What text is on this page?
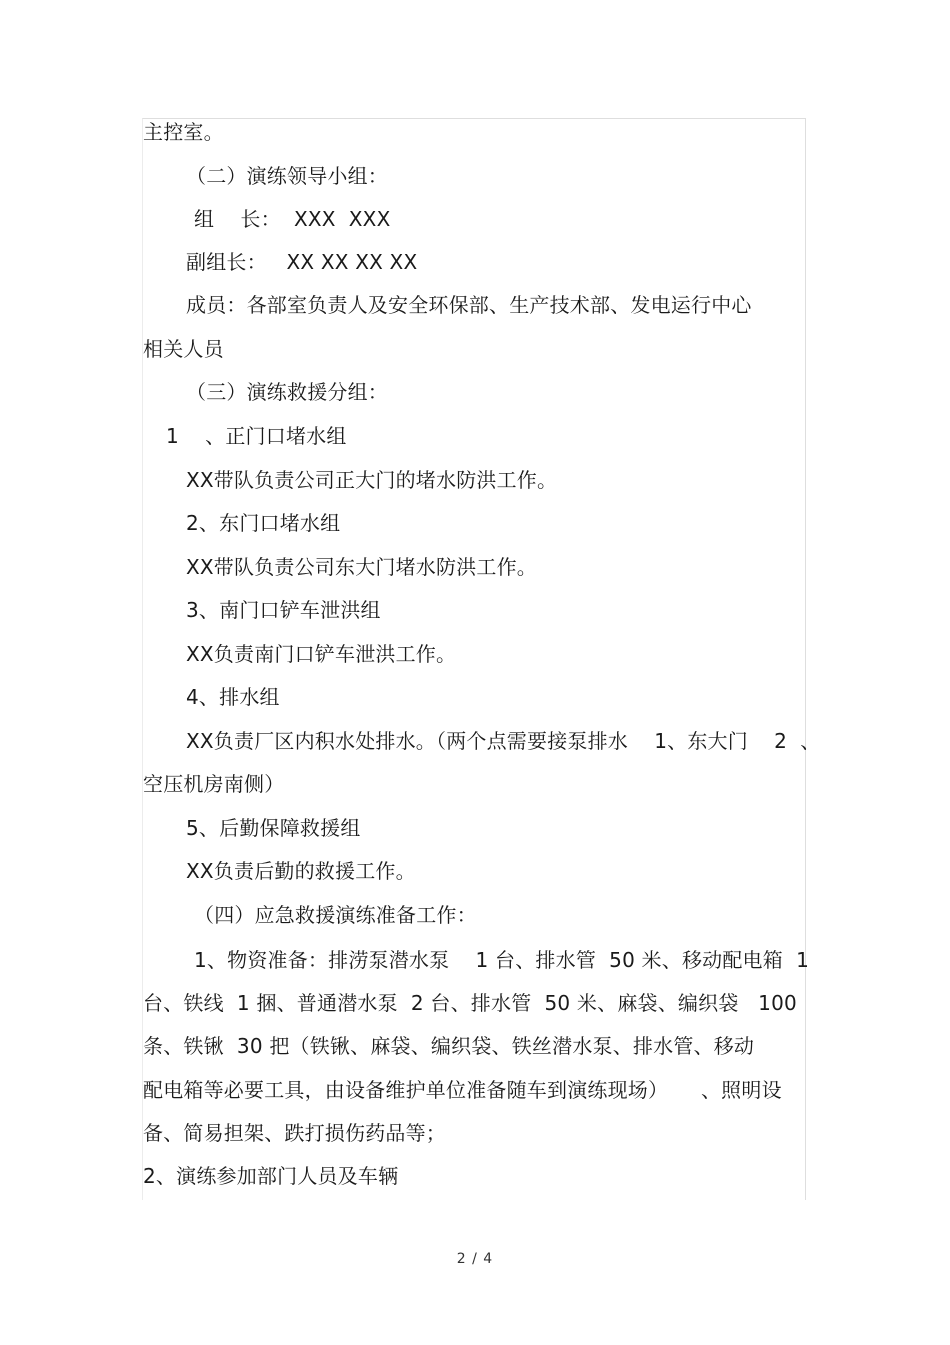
主控室。
（二）演练领导小组：
组    长：  XXX  XXX
副组长：   XX XX XX XX
成员：各部室负责人及安全环保部、生产技术部、发电运行中心
相关人员
（三）演练救援分组：
1    、正门口堵水组
XX带队负责公司正大门的堵水防洪工作。
2、东门口堵水组
XX带队负责公司东大门堵水防洪工作。
3、南门口铲车泄洪组
XX负责南门口铲车泄洪工作。
4、排水组
XX负责厂区内积水处排水。（两个点需要接泵排水    1、东大门    2  、
空压机房南侧）
5、后勤保障救援组
XX负责后勤的救援工作。
（四）应急救援演练准备工作：
1、物资准备：排涝泵潜水泵    1 台、排水管  50 米、移动配电箱  1
台、铁线  1 捆、普通潜水泵  2 台、排水管  50 米、麻袋、编织袋   100
条、铁锹  30 把（铁锹、麻袋、编织袋、铁丝潜水泵、排水管、移动
配电箱等必要工具，由设备维护单位准备随车到演练现场）     、照明设
备、简易担架、跌打损伤药品等；
2、演练参加部门人员及车辆
2 / 4
